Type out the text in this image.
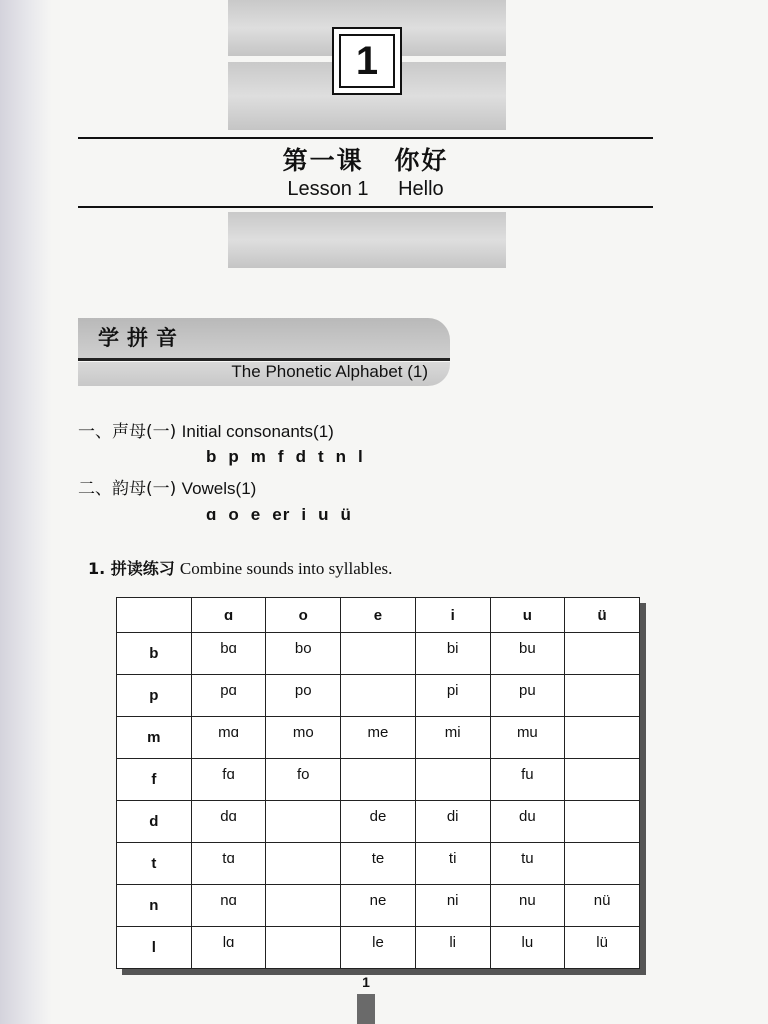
1
第一课 你好
Lesson 1 Hello
学拼音
The Phonetic Alphabet (1)
一、声母(一) Initial consonants(1)
b p m f d t n l
二、韵母(一) Vowels(1)
ɑ o e er i u ü
1. 拼读练习 Combine sounds into syllables.
	ɑ	o	e	i	u	ü
b	bɑ	bo		bi	bu	
p	pɑ	po		pi	pu	
m	mɑ	mo	me	mi	mu	
f	fɑ	fo			fu	
d	dɑ		de	di	du	
t	tɑ		te	ti	tu	
n	nɑ		ne	ni	nu	nü
l	lɑ		le	li	lu	lü
1
